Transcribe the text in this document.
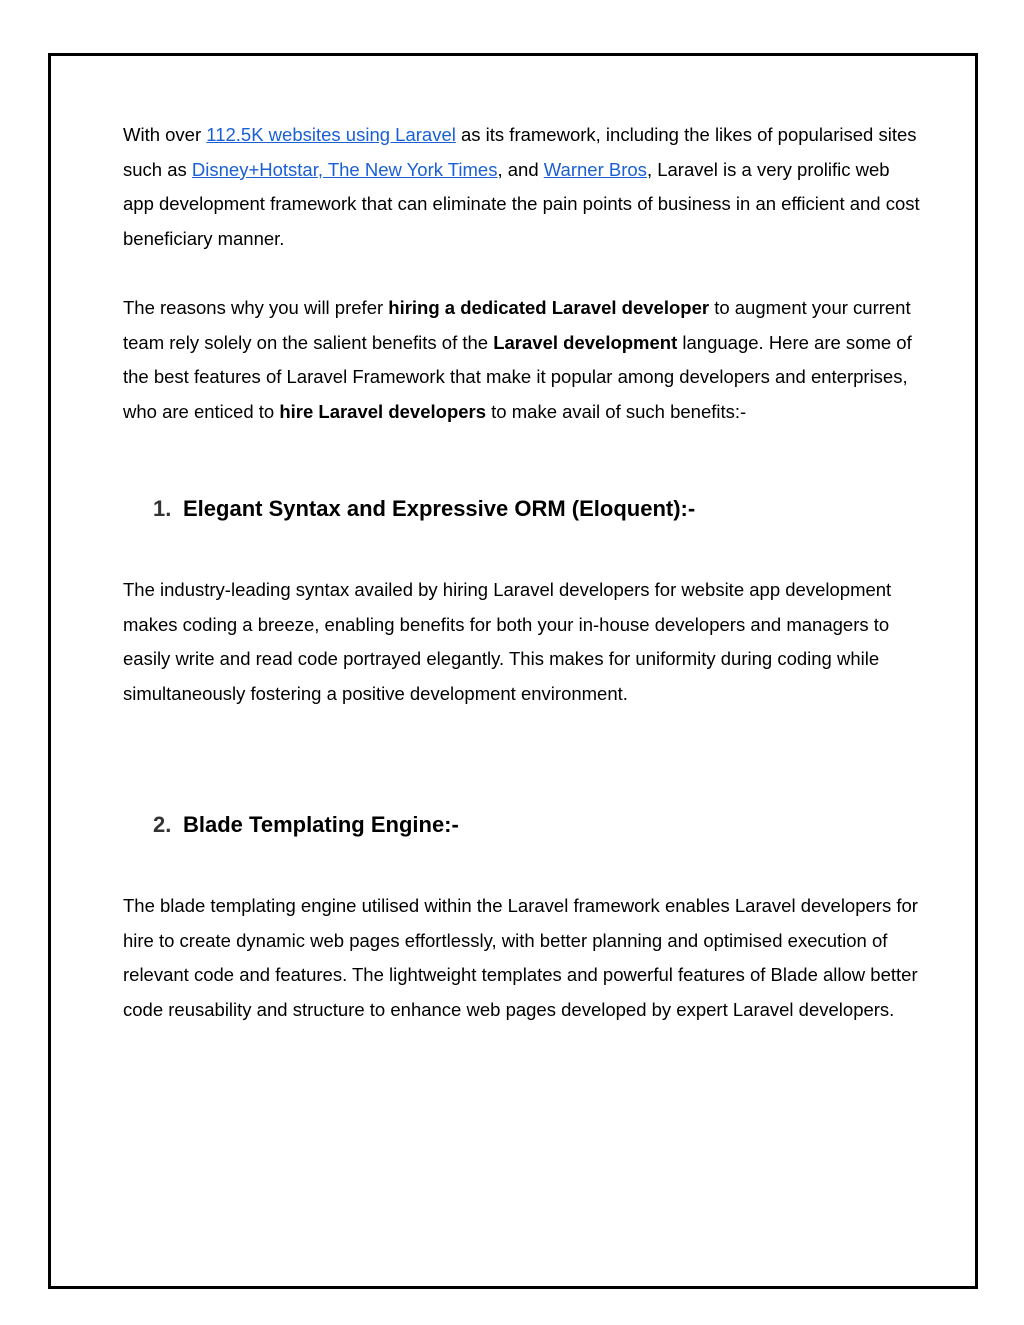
With over 112.5K websites using Laravel as its framework, including the likes of popularised sites such as Disney+Hotstar, The New York Times, and Warner Bros, Laravel is a very prolific web app development framework that can eliminate the pain points of business in an efficient and cost beneficiary manner.

The reasons why you will prefer hiring a dedicated Laravel developer to augment your current team rely solely on the salient benefits of the Laravel development language. Here are some of the best features of Laravel Framework that make it popular among developers and enterprises, who are enticed to hire Laravel developers to make avail of such benefits:-

1. Elegant Syntax and Expressive ORM (Eloquent):-

The industry-leading syntax availed by hiring Laravel developers for website app development makes coding a breeze, enabling benefits for both your in-house developers and managers to easily write and read code portrayed elegantly. This makes for uniformity during coding while simultaneously fostering a positive development environment.

2. Blade Templating Engine:-

The blade templating engine utilised within the Laravel framework enables Laravel developers for hire to create dynamic web pages effortlessly, with better planning and optimised execution of relevant code and features. The lightweight templates and powerful features of Blade allow better code reusability and structure to enhance web pages developed by expert Laravel developers.
